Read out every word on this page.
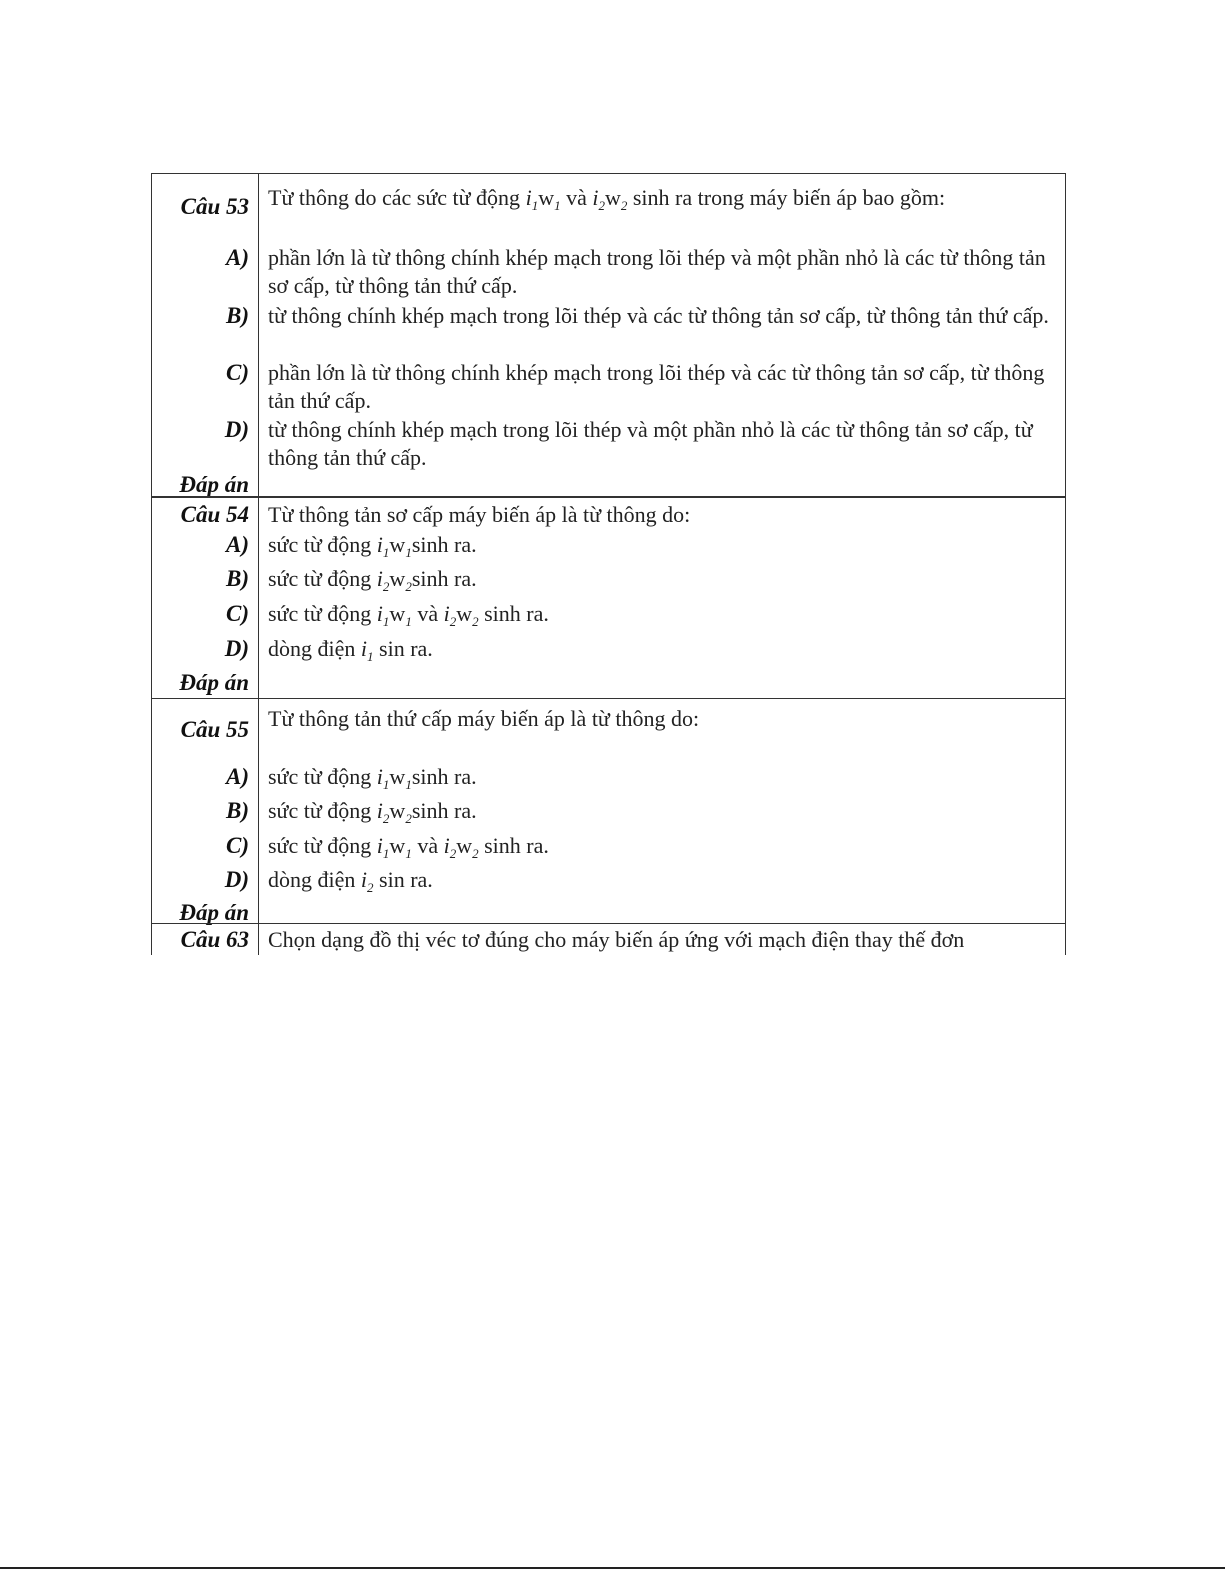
Câu 53 Từ thông do các sức từ động $i_1w_1$ và $i_2w_2$ sinh ra trong máy biến áp bao gồm:
A) phần lớn là từ thông chính khép mạch trong lõi thép và một phần nhỏ là các từ thông tản sơ cấp, từ thông tản thứ cấp.
B) từ thông chính khép mạch trong lõi thép và các từ thông tản sơ cấp, từ thông tản thứ cấp.
C) phần lớn là từ thông chính khép mạch trong lõi thép và các từ thông tản sơ cấp, từ thông tản thứ cấp.
D) từ thông chính khép mạch trong lõi thép và một phần nhỏ là các từ thông tản sơ cấp, từ thông tản thứ cấp.
Đáp án
Câu 54 Từ thông tản sơ cấp máy biến áp là từ thông do:
A) sức từ động $i_1w_1\sinh$ ra.
B) sức từ động $i_2w_2\sinh$ ra.
C) sức từ động $i_1w_1$ và $i_2w_2$ sinh ra.
D) dòng điện $i_1$ sin ra.
Đáp án
Câu 55 Từ thông tản thứ cấp máy biến áp là từ thông do:
A) sức từ động $i_1w_1\sinh$ ra.
B) sức từ động $i_2w_2\sinh$ ra.
C) sức từ động $i_1w_1$ và $i_2w_2$ sinh ra.
D) dòng điện $i_2$ sin ra.
Đáp án
Câu 63 Chọn dạng đồ thị véc tơ đúng cho máy biến áp ứng với mạch điện thay thế đơn
